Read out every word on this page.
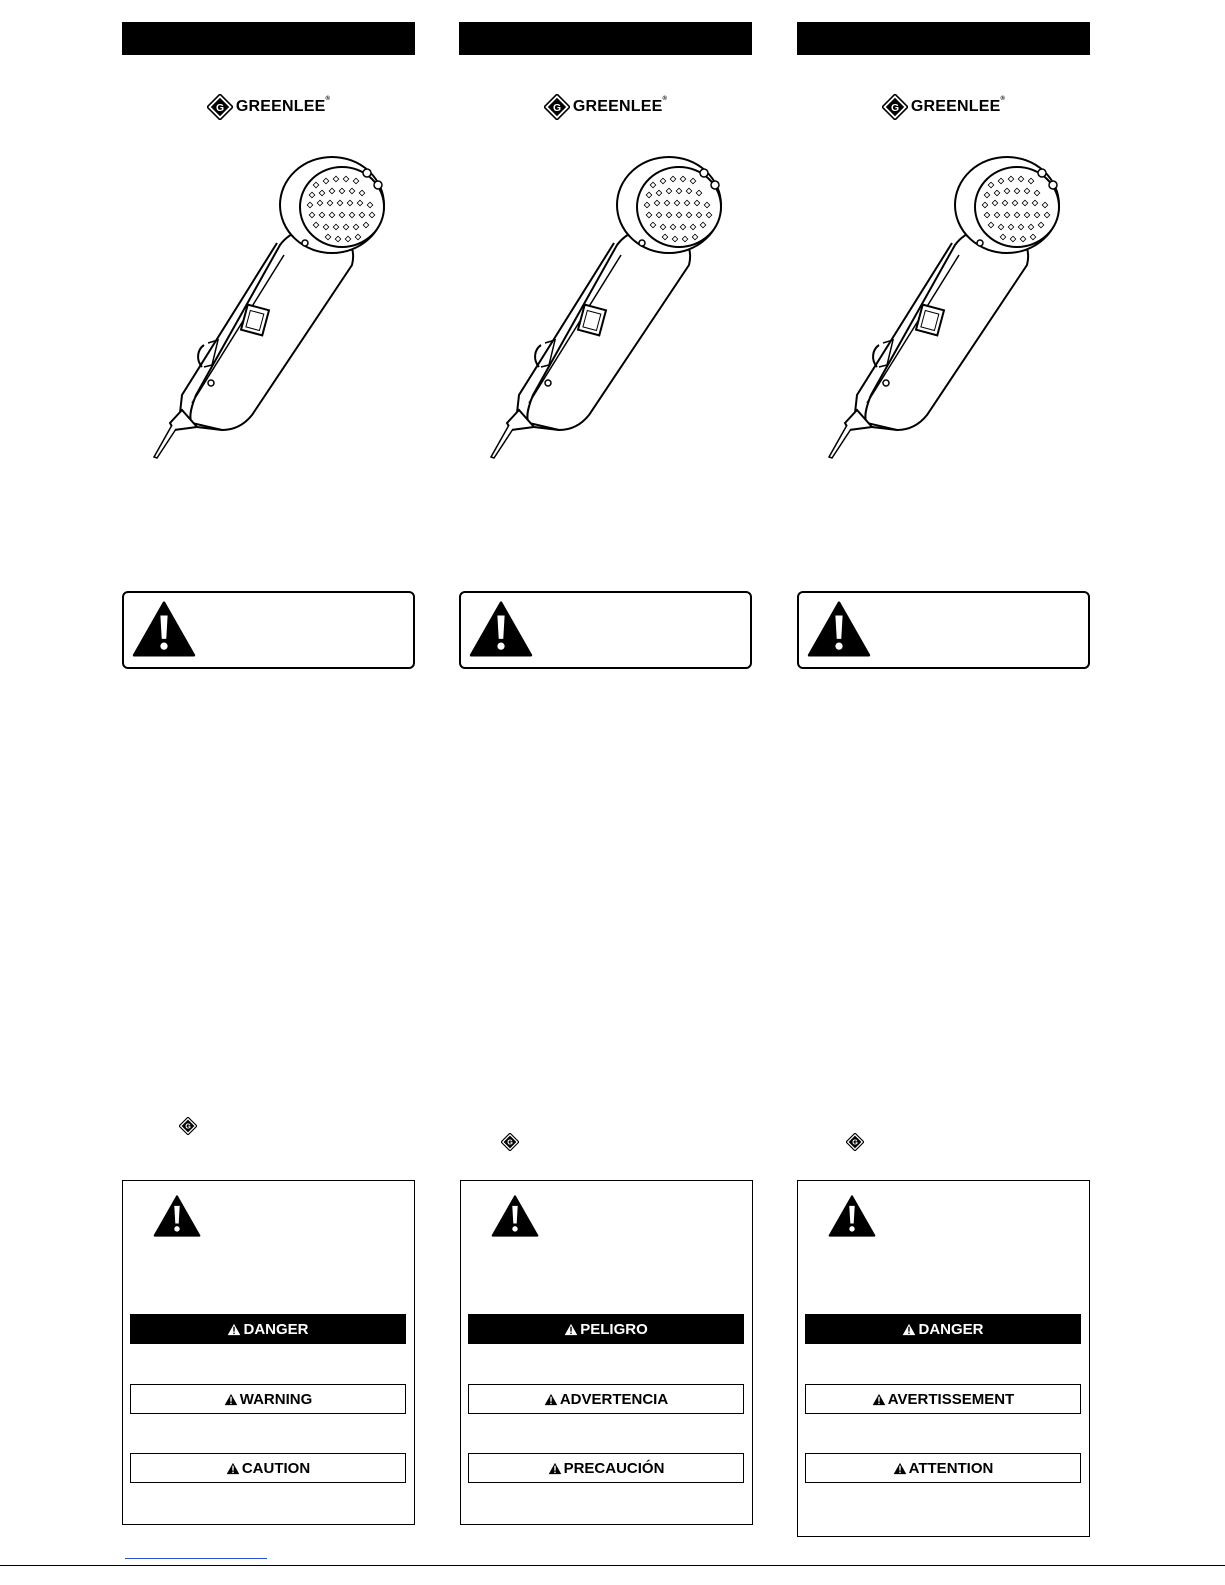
GREENLEE®
DANGER
WARNING
CAUTION
GREENLEE®
PELIGRO
ADVERTENCIA
PRECAUCIÓN
GREENLEE®
DANGER
AVERTISSEMENT
ATTENTION
